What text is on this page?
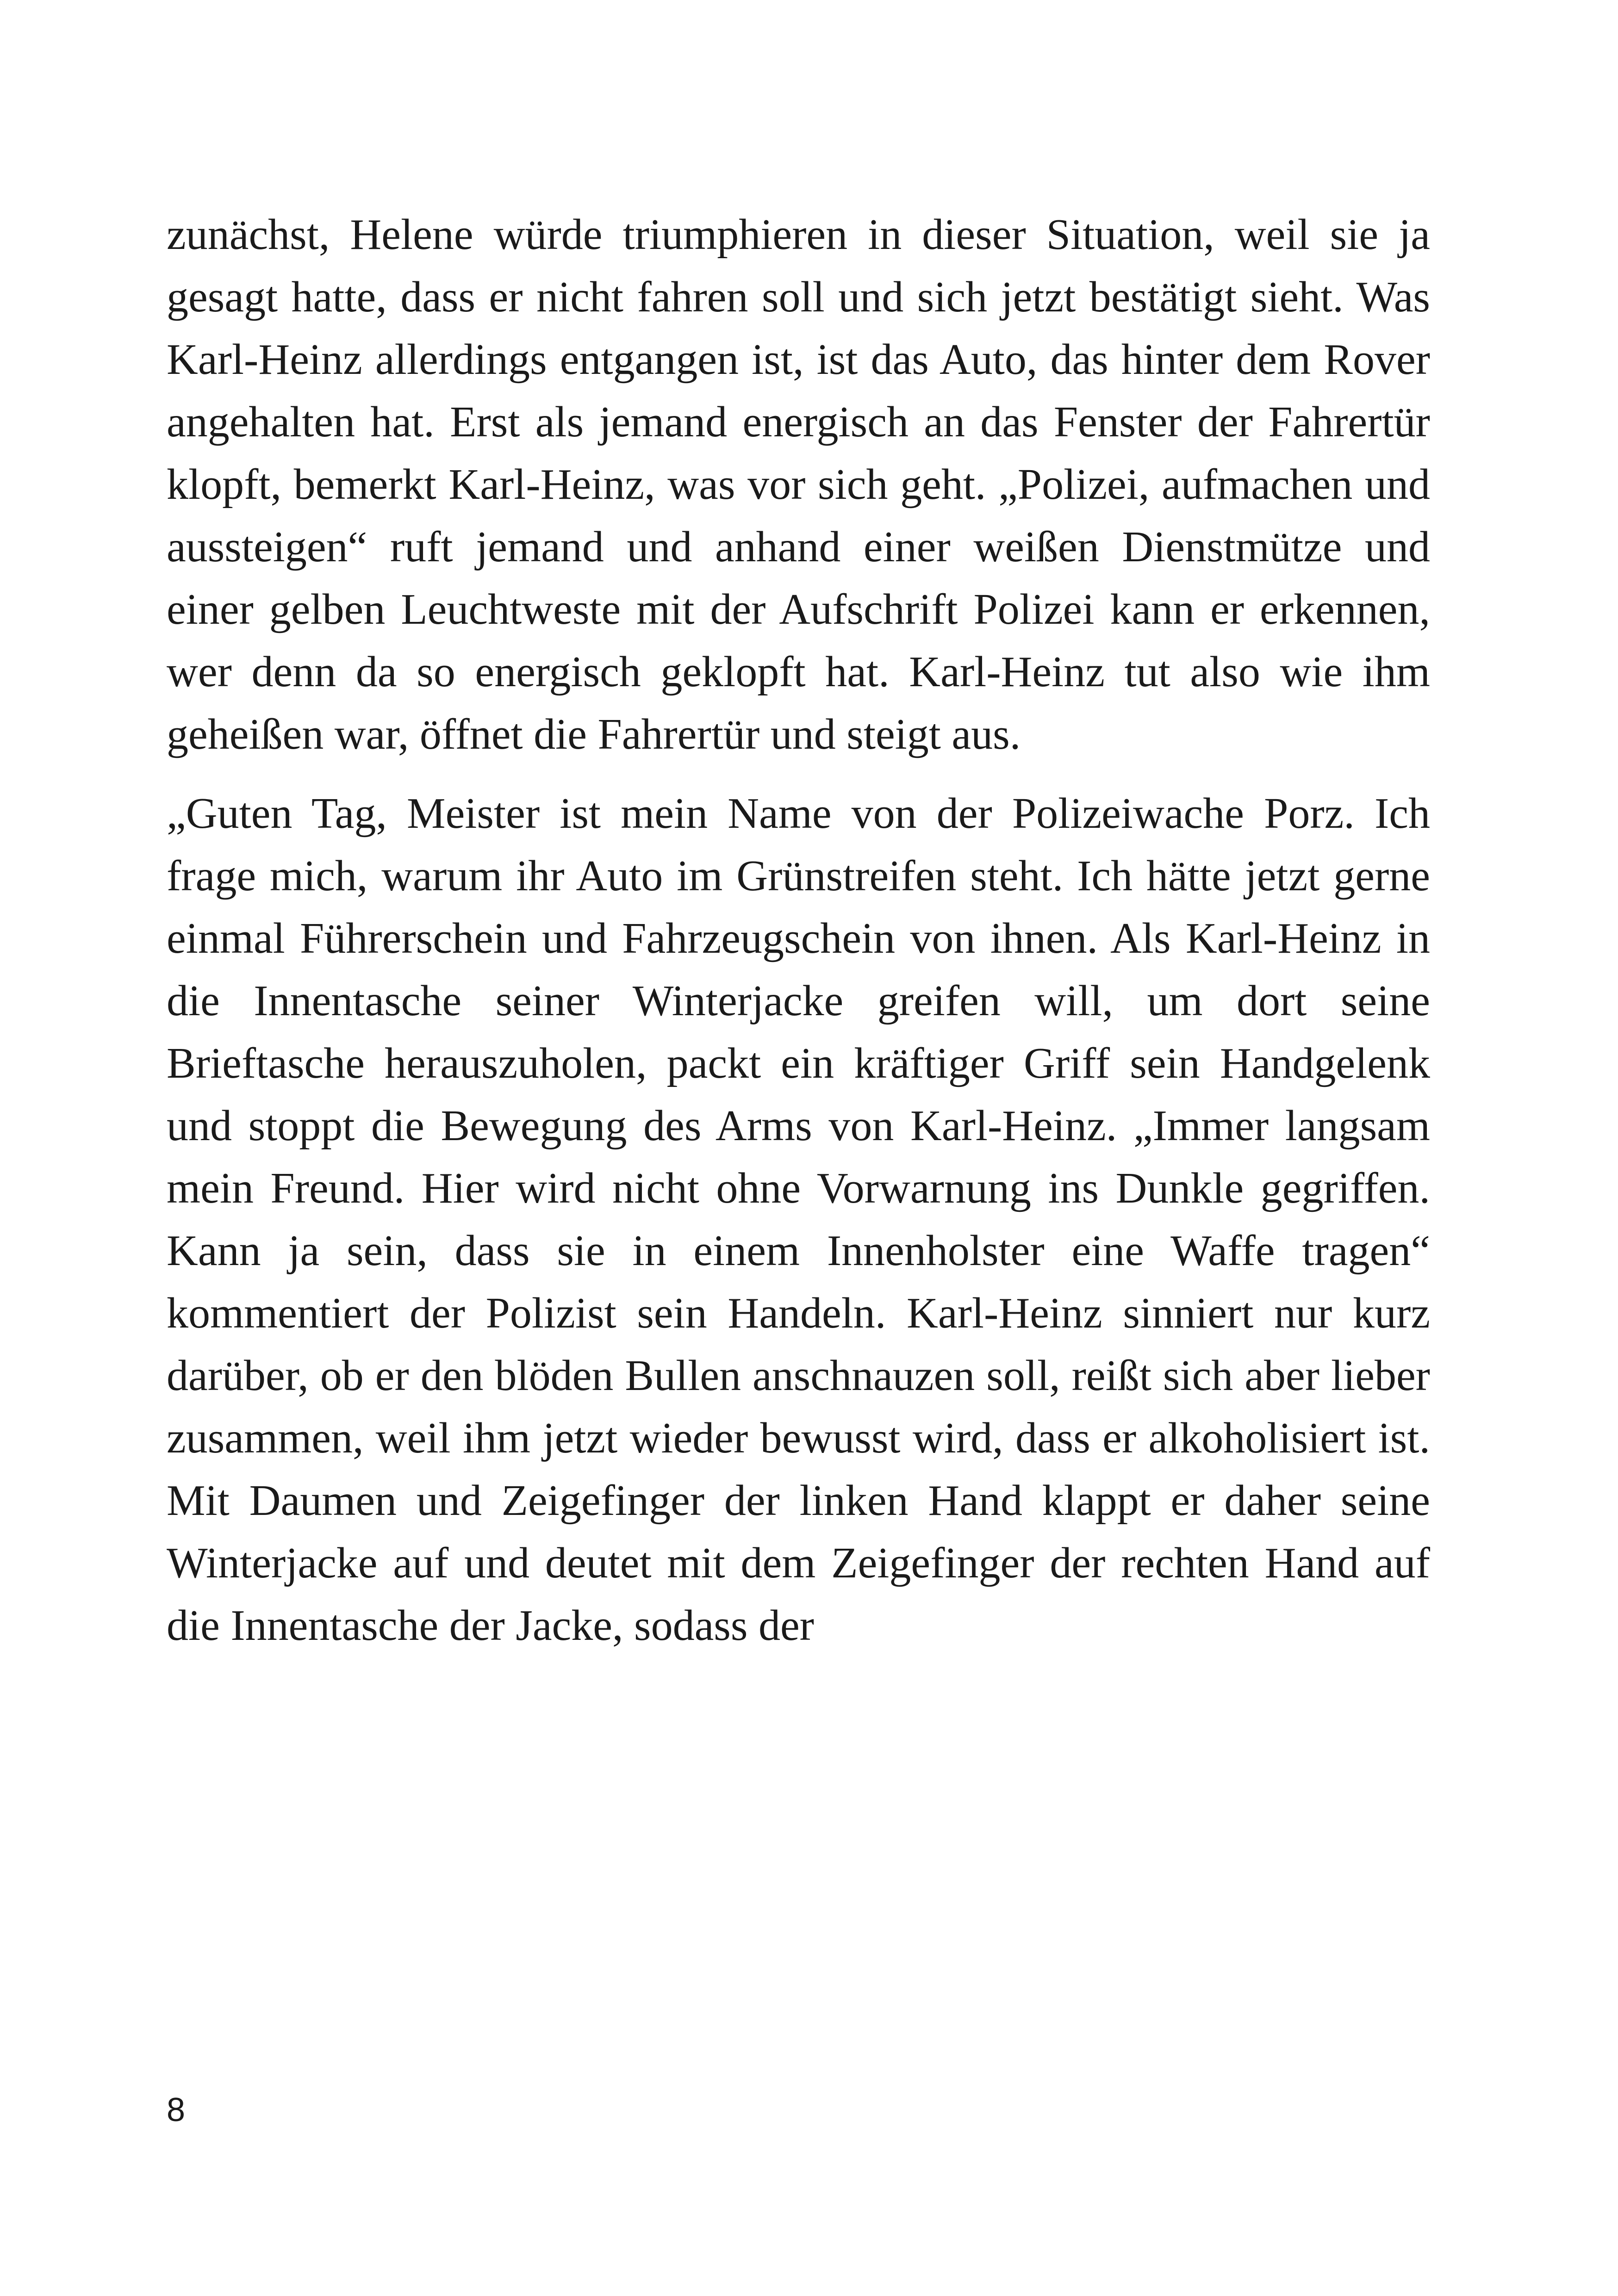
zunächst, Helene würde triumphieren in dieser Situation, weil sie ja gesagt hatte, dass er nicht fahren soll und sich jetzt bestätigt sieht. Was Karl-Heinz allerdings entgangen ist, ist das Auto, das hinter dem Rover angehalten hat. Erst als jemand energisch an das Fenster der Fahrertür klopft, bemerkt Karl-Heinz, was vor sich geht. „Polizei, aufmachen und aussteigen“ ruft jemand und anhand einer weißen Dienstmütze und einer gelben Leuchtweste mit der Aufschrift Polizei kann er erkennen, wer denn da so energisch geklopft hat. Karl-Heinz tut also wie ihm geheißen war, öffnet die Fahrertür und steigt aus.

„Guten Tag, Meister ist mein Name von der Polizeiwache Porz. Ich frage mich, warum ihr Auto im Grünstreifen steht. Ich hätte jetzt gerne einmal Führerschein und Fahrzeugschein von ihnen. Als Karl-Heinz in die Innentasche seiner Winterjacke greifen will, um dort seine Brieftasche herauszuholen, packt ein kräftiger Griff sein Handgelenk und stoppt die Bewegung des Arms von Karl-Heinz. „Immer langsam mein Freund. Hier wird nicht ohne Vorwarnung ins Dunkle gegriffen. Kann ja sein, dass sie in einem Innenholster eine Waffe tragen“ kommentiert der Polizist sein Handeln. Karl-Heinz sinniert nur kurz darüber, ob er den blöden Bullen anschnauzen soll, reißt sich aber lieber zusammen, weil ihm jetzt wieder bewusst wird, dass er alkoholisiert ist. Mit Daumen und Zeigefinger der linken Hand klappt er daher seine Winterjacke auf und deutet mit dem Zeigefinger der rechten Hand auf die Innentasche der Jacke, sodass der

8
